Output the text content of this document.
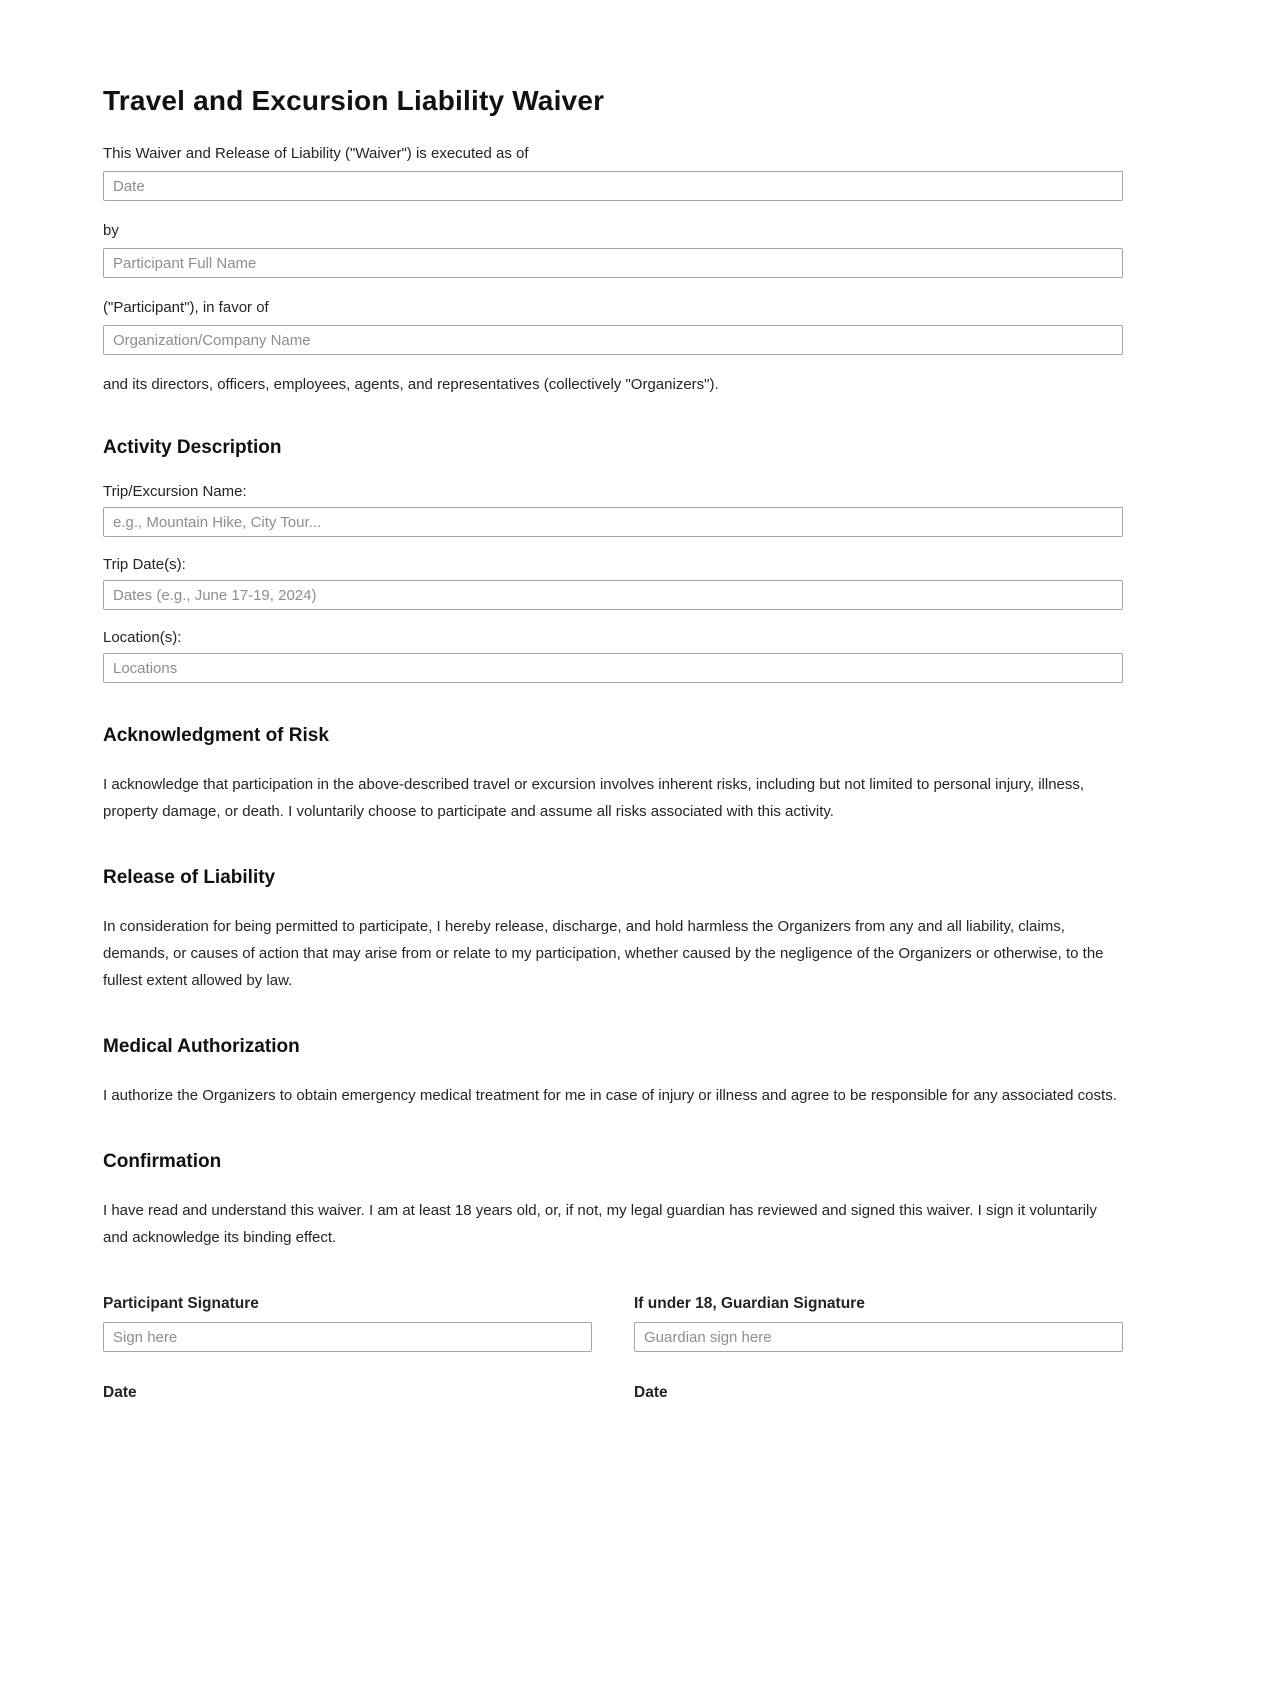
Travel and Excursion Liability Waiver

This Waiver and Release of Liability ("Waiver") is executed as of

Date

by

Participant Full Name

("Participant"), in favor of

Organization/Company Name

and its directors, officers, employees, agents, and representatives (collectively "Organizers").

Activity Description

Trip/Excursion Name:

e.g., Mountain Hike, City Tour...

Trip Date(s):

Dates (e.g., June 17-19, 2024)

Location(s):

Locations
Acknowledgment of Risk

I acknowledge that participation in the above-described travel or excursion involves inherent risks, including but not limited to personal injury, illness, property damage, or death. I voluntarily choose to participate and assume all risks associated with this activity.

Release of Liability

In consideration for being permitted to participate, I hereby release, discharge, and hold harmless the Organizers from any and all liability, claims, demands, or causes of action that may arise from or relate to my participation, whether caused by the negligence of the Organizers or otherwise, to the fullest extent allowed by law.

Medical Authorization

I authorize the Organizers to obtain emergency medical treatment for me in case of injury or illness and agree to be responsible for any associated costs.

Confirmation

I have read and understand this waiver. I am at least 18 years old, or, if not, my legal guardian has reviewed and signed this waiver. I sign it voluntarily and acknowledge its binding effect.

Participant Signature

Sign here

Date

If under 18, Guardian Signature

Guardian sign here

Date
